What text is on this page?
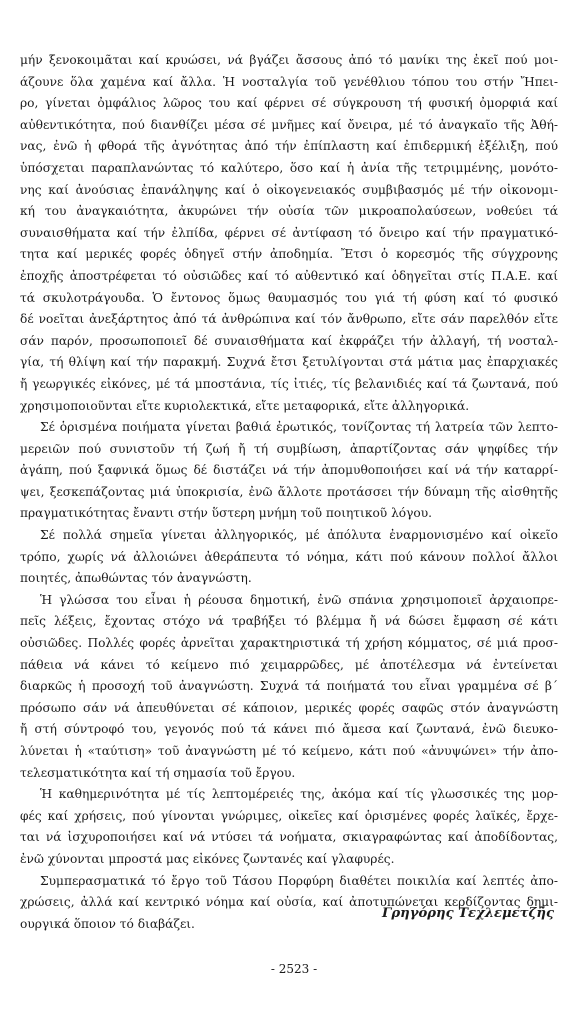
μήν ξενοκοιμᾶται καί κρυώσει, νά βγάζει ἄσσους ἀπό τό μανίκι της ἐκεῖ πού μοι-
άζουνε ὅλα χαμένα καί ἄλλα. Ἡ νοσταλγία τοῦ γενέθλιου τόπου του στήν Ἤπει-
ρο, γίνεται ὀμφάλιος λῶρος του καί φέρνει σέ σύγκρουση τή φυσική ὀμορφιά καί
αὐθεντικότητα, πού διανθίζει μέσα σέ μνῆμες καί ὄνειρα, μέ τό ἀναγκαῖο τῆς Ἀθή-
νας, ἐνῶ ἡ φθορά τῆς ἀγνότητας ἀπό τήν ἐπίπλαστη καί ἐπιδερμική ἐξέλιξη, πού
ὑπόσχεται παραπλανώντας τό καλύτερο, ὅσο καί ἡ ἀνία τῆς τετριμμένης, μονότο-
νης καί ἀνούσιας ἐπανάληψης καί ὁ οἰκογενειακός συμβιβασμός μέ τήν οἰκονομι-
κή του ἀναγκαιότητα, ἀκυρώνει τήν οὐσία τῶν μικροαπολαύσεων, νοθεύει τά
συναισθήματα καί τήν ἐλπίδα, φέρνει σέ ἀντίφαση τό ὄνειρο καί τήν πραγματικό-
τητα καί μερικές φορές ὁδηγεῖ στήν ἀποδημία. Ἔτσι ὁ κορεσμός τῆς σύγχρονης
ἐποχῆς ἀποστρέφεται τό οὐσιῶδες καί τό αὐθεντικό καί ὁδηγεῖται στίς Π.Α.Ε. καί
τά σκυλοτράγουδα. Ὁ ἔντονος ὅμως θαυμασμός του γιά τή φύση καί τό φυσικό
δέ νοεῖται ἀνεξάρτητος ἀπό τά ἀνθρώπινα καί τόν ἄνθρωπο, εἴτε σάν παρελθόν εἴτε
σάν παρόν, προσωποποιεῖ δέ συναισθήματα καί ἐκφράζει τήν ἀλλαγή, τή νοσταλ-
γία, τή θλίψη καί τήν παρακμή. Συχνά ἔτσι ξετυλίγονται στά μάτια μας ἐπαρχιακές
ἤ γεωργικές εἰκόνες, μέ τά μποστάνια, τίς ἰτιές, τίς βελανιδιές καί τά ζωντανά, πού
χρησιμοποιοῦνται εἴτε κυριολεκτικά, εἴτε μεταφορικά, εἴτε ἀλληγορικά.

Σέ ὁρισμένα ποιήματα γίνεται βαθιά ἐρωτικός, τονίζοντας τή λατρεία τῶν λεπτο-
μερειῶν πού συνιστοῦν τή ζωή ἤ τή συμβίωση, ἀπαρτίζοντας σάν ψηφίδες τήν
ἀγάπη, πού ξαφνικά ὅμως δέ διστάζει νά τήν ἀπομυθοποιήσει καί νά τήν καταρρί-
ψει, ξεσκεπάζοντας μιά ὑποκρισία, ἐνῶ ἄλλοτε προτάσσει τήν δύναμη τῆς αἰσθητῆς
πραγματικότητας ἔναντι στήν ὕστερη μνήμη τοῦ ποιητικοῦ λόγου.

Σέ πολλά σημεῖα γίνεται ἀλληγορικός, μέ ἀπόλυτα ἐναρμονισμένο καί οἰκεῖο
τρόπο, χωρίς νά ἀλλοιώνει ἀθεράπευτα τό νόημα, κάτι πού κάνουν πολλοί ἄλλοι
ποιητές, ἀπωθώντας τόν ἀναγνώστη.

Ἡ γλώσσα του εἶναι ἡ ρέουσα δημοτική, ἐνῶ σπάνια χρησιμοποιεῖ ἀρχαιοπρε-
πεῖς λέξεις, ἔχοντας στόχο νά τραβήξει τό βλέμμα ἤ νά δώσει ἔμφαση σέ κάτι
οὐσιῶδες. Πολλές φορές ἀρνεῖται χαρακτηριστικά τή χρήση κόμματος, σέ μιά προσ-
πάθεια νά κάνει τό κείμενο πιό χειμαρρῶδες, μέ ἀποτέλεσμα νά ἐντείνεται
διαρκῶς ἡ προσοχή τοῦ ἀναγνώστη. Συχνά τά ποιήματά του εἶναι γραμμένα σέ β΄
πρόσωπο σάν νά ἀπευθύνεται σέ κάποιον, μερικές φορές σαφῶς στόν ἀναγνώστη
ἤ στή σύντροφό του, γεγονός πού τά κάνει πιό ἄμεσα καί ζωντανά, ἐνῶ διευκο-
λύνεται ἡ «ταύτιση» τοῦ ἀναγνώστη μέ τό κείμενο, κάτι πού «ἀνυψώνει» τήν ἀπο-
τελεσματικότητα καί τή σημασία τοῦ ἔργου.

Ἡ καθημερινότητα μέ τίς λεπτομέρειές της, ἀκόμα καί τίς γλωσσικές της μορ-
φές καί χρήσεις, πού γίνονται γνώριμες, οἰκεῖες καί ὁρισμένες φορές λαϊκές, ἔρχε-
ται νά ἰσχυροποιήσει καί νά ντύσει τά νοήματα, σκιαγραφώντας καί ἀποδίδοντας,
ἐνῶ χύνονται μπροστά μας εἰκόνες ζωντανές καί γλαφυρές.

Συμπερασματικά τό ἔργο τοῦ Τάσου Πορφύρη διαθέτει ποικιλία καί λεπτές ἀπο-
χρώσεις, ἀλλά καί κεντρικό νόημα καί οὐσία, καί ἀποτυπώνεται κερδίζοντας δημι-
ουργικά ὅποιον τό διαβάζει.

Γρηγόρης Τεχλεμετζῆς
- 2523 -
